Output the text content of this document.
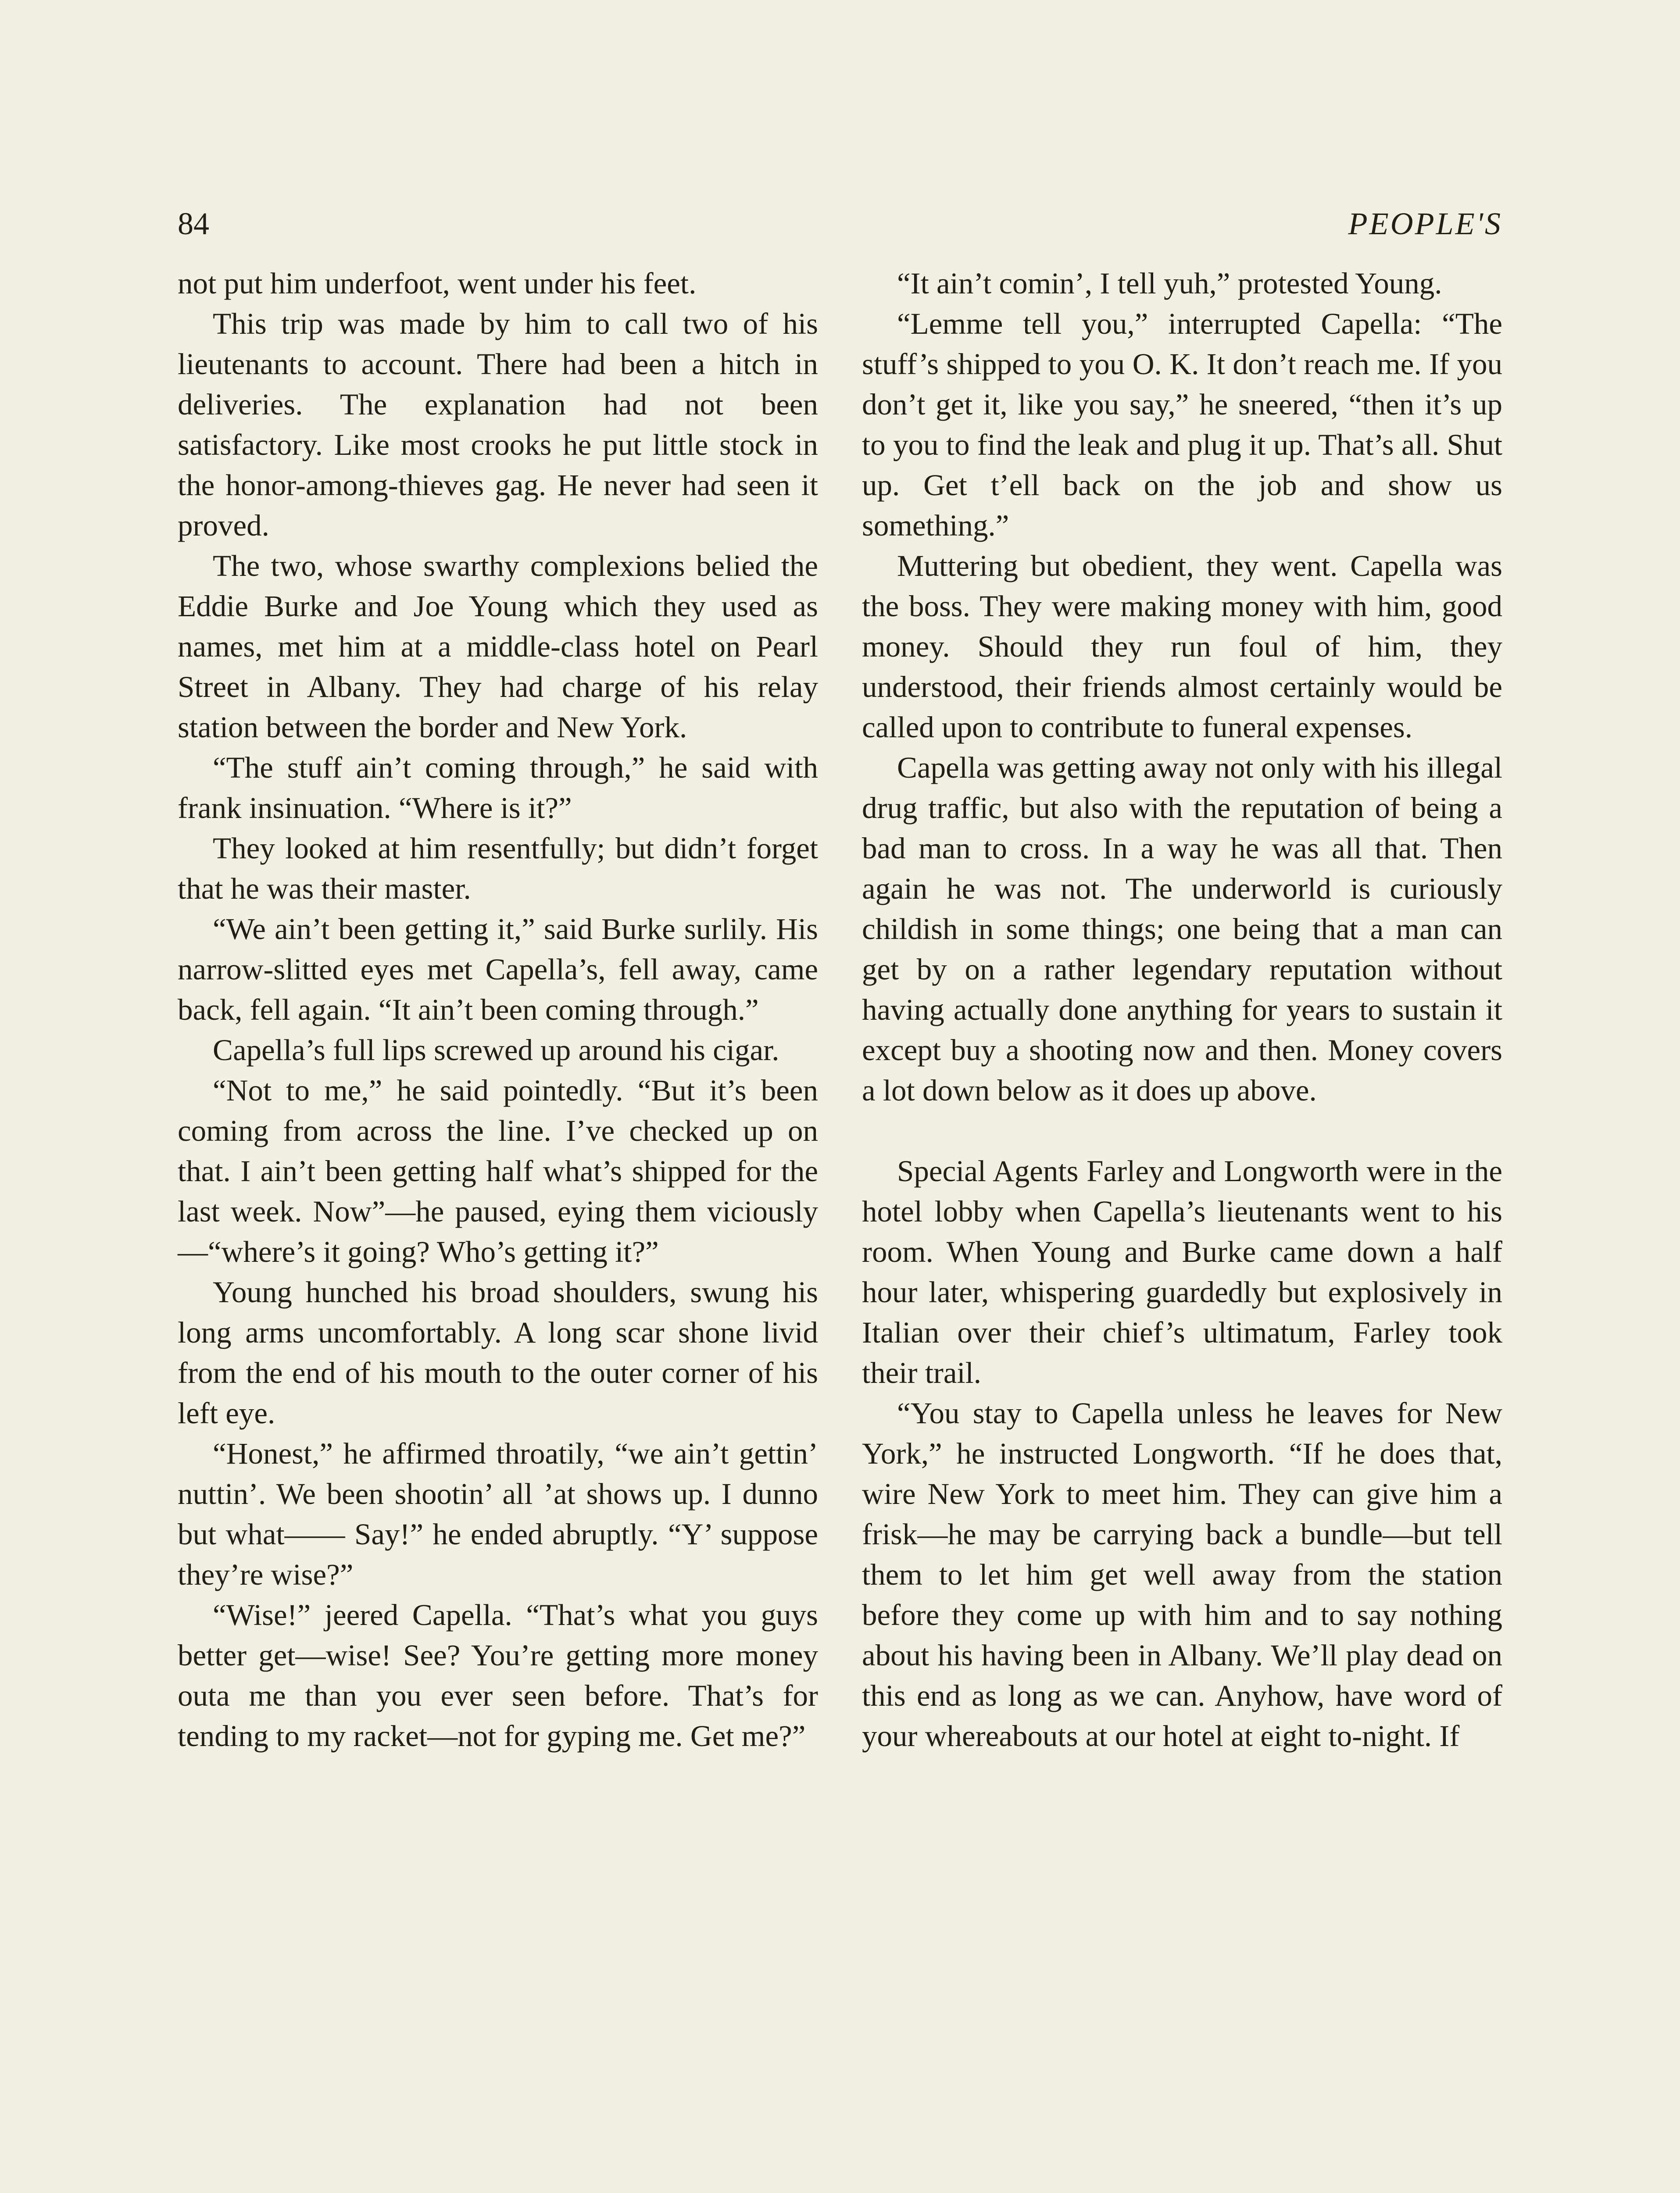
84	PEOPLE'S

not put him underfoot, went under his feet.

This trip was made by him to call two of his lieutenants to account. There had been a hitch in deliveries. The explanation had not been satisfactory. Like most crooks he put little stock in the honor-among-thieves gag. He never had seen it proved.

The two, whose swarthy complexions belied the Eddie Burke and Joe Young which they used as names, met him at a middle-class hotel on Pearl Street in Albany. They had charge of his relay station between the border and New York.

“The stuff ain’t coming through,” he said with frank insinuation. “Where is it?”

They looked at him resentfully; but didn’t forget that he was their master.

“We ain’t been getting it,” said Burke surlily. His narrow-slitted eyes met Capella’s, fell away, came back, fell again. “It ain’t been coming through.”

Capella’s full lips screwed up around his cigar.

“Not to me,” he said pointedly. “But it’s been coming from across the line. I’ve checked up on that. I ain’t been getting half what’s shipped for the last week. Now”—he paused, eying them viciously—“where’s it going? Who’s getting it?”

Young hunched his broad shoulders, swung his long arms uncomfortably. A long scar shone livid from the end of his mouth to the outer corner of his left eye.

“Honest,” he affirmed throatily, “we ain’t gettin’ nuttin’. We been shootin’ all ’at shows up. I dunno but what—— Say!” he ended abruptly. “Y’ suppose they’re wise?”

“Wise!” jeered Capella. “That’s what you guys better get—wise! See? You’re getting more money outa me than you ever seen before. That’s for tending to my racket—not for gyping me. Get me?”

“It ain’t comin’, I tell yuh,” protested Young.

“Lemme tell you,” interrupted Capella: “The stuff’s shipped to you O. K. It don’t reach me. If you don’t get it, like you say,” he sneered, “then it’s up to you to find the leak and plug it up. That’s all. Shut up. Get t’ell back on the job and show us something.”

Muttering but obedient, they went. Capella was the boss. They were making money with him, good money. Should they run foul of him, they understood, their friends almost certainly would be called upon to contribute to funeral expenses.

Capella was getting away not only with his illegal drug traffic, but also with the reputation of being a bad man to cross. In a way he was all that. Then again he was not. The underworld is curiously childish in some things; one being that a man can get by on a rather legendary reputation without having actually done anything for years to sustain it except buy a shooting now and then. Money covers a lot down below as it does up above.

Special Agents Farley and Longworth were in the hotel lobby when Capella’s lieutenants went to his room. When Young and Burke came down a half hour later, whispering guardedly but explosively in Italian over their chief’s ultimatum, Farley took their trail.

“You stay to Capella unless he leaves for New York,” he instructed Longworth. “If he does that, wire New York to meet him. They can give him a frisk—he may be carrying back a bundle—but tell them to let him get well away from the station before they come up with him and to say nothing about his having been in Albany. We’ll play dead on this end as long as we can. Anyhow, have word of your whereabouts at our hotel at eight to-night. If
